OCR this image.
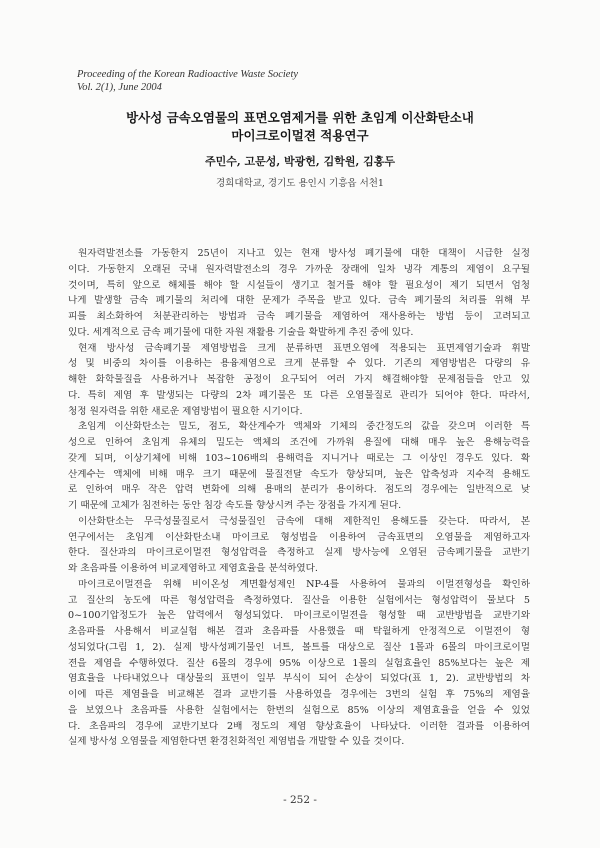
Proceeding of the Korean Radioactive Waste Society
Vol. 2(1), June 2004
방사성 금속오염물의 표면오염제거를 위한 초임계 이산화탄소내
마이크로이멀젼 적용연구
주민수, 고문성, 박광헌, 김학원, 김홍두
경희대학교, 경기도 용인시 기흥읍 서천1
원자력발전소를 가동한지 25년이 지나고 있는 현재 방사성 폐기물에 대한 대책이 시급한 실정
이다. 가동한지 오래된 국내 원자력발전소의 경우 가까운 장래에 일차 냉각 계통의 제염이 요구될
것이며, 특히 앞으로 해체를 해야 할 시설들이 생기고 철거를 해야 할 필요성이 제기 되면서 엄청
나게 발생할 금속 폐기물의 처리에 대한 문제가 주목을 받고 있다. 금속 폐기물의 처리를 위해 부
피를 최소화하여 처분관리하는 방법과 금속 폐기물을 제염하여 재사용하는 방법 등이 고려되고
있다. 세계적으로 금속 폐기물에 대한 자원 재활용 기술을 확발하게 추진 중에 있다.
현재 방사성 금속폐기물 제염방법을 크게 분류하면 표면오염에 적용되는 표면제염기술과 휘발
성 및 비중의 차이를 이용하는 용융제염으로 크게 분류할 수 있다. 기존의 제염방법은 다량의 유
해한 화학물질을 사용하거나 복잡한 공정이 요구되어 여러 가지 해결해야할 문제점들을 안고 있
다. 특히 제염 후 발생되는 다량의 2차 폐기물은 또 다른 오염물질로 관리가 되어야 한다. 따라서,
청정 원자력을 위한 새로운 제염방법이 필요한 시기이다.
초임계 이산화탄소는 밀도, 점도, 확산계수가 액체와 기체의 중간정도의 값을 갖으며 이러한 특
성으로 인하여 초임계 유체의 밀도는 액체의 조건에 가까워 용질에 대해 매우 높은 용해능력을
갖게 되며, 이상기체에 비해 103~106배의 용해력을 지니거나 때로는 그 이상인 경우도 있다. 확
산계수는 액체에 비해 매우 크기 때문에 물질전달 속도가 향상되며, 높은 압축성과 지수적 용해도
로 인하여 매우 작은 압력 변화에 의해 용매의 분리가 용이하다. 점도의 경우에는 일반적으로 낮
기 때문에 고체가 침전하는 동안 침강 속도를 향상시켜 주는 장점을 가지게 된다.
이산화탄소는 무극성물질로서 극성물질인 금속에 대해 제한적인 용해도를 갖는다. 따라서, 본
연구에서는 초임계 이산화탄소내 마이크로 형성법을 이용하여 금속표면의 오염물을 제염하고자
한다. 질산과의 마이크로이멀젼 형성압력을 측정하고 실제 방사능에 오염된 금속폐기물을 교반기
와 초음파를 이용하여 비교제염하고 제염효율을 분석하였다.
마이크로이멀젼을 위해 비이온성 계면활성제인 NP-4를 사용하여 물과의 이멀젼형성을 확인하
고 질산의 농도에 따른 형성압력을 측정하였다. 질산을 이용한 실험에서는 형성압력이 물보다 5
0~100기압정도가 높은 압력에서 형성되었다. 마이크로이멀젼을 형성할 때 교반방법을 교반기와
초음파를 사용해서 비교실험 해본 결과 초음파를 사용했을 때 탁월하게 안정적으로 이멀젼이 형
성되었다(그림 1, 2). 실제 방사성폐기물인 너트, 볼트를 대상으로 질산 1몰과 6몰의 마이크로이멀
젼을 제염을 수행하였다. 질산 6몰의 경우에 95% 이상으로 1몰의 실험효율인 85%보다는 높은 제
염효율을 나타내었으나 대상물의 표면이 일부 부식이 되어 손상이 되었다(표 1, 2). 교반방법의 차
이에 따른 제염율을 비교해본 결과 교반기를 사용하였을 경우에는 3번의 실험 후 75%의 제염율
을 보였으나 초음파를 사용한 실험에서는 한번의 실험으로 85% 이상의 제염효율을 얻을 수 있었
다. 초음파의 경우에 교반기보다 2배 정도의 제염 향상효율이 나타났다. 이러한 결과를 이용하여
실제 방사성 오염물을 제염한다면 환경친화적인 제염법을 개발할 수 있을 것이다.
- 252 -
